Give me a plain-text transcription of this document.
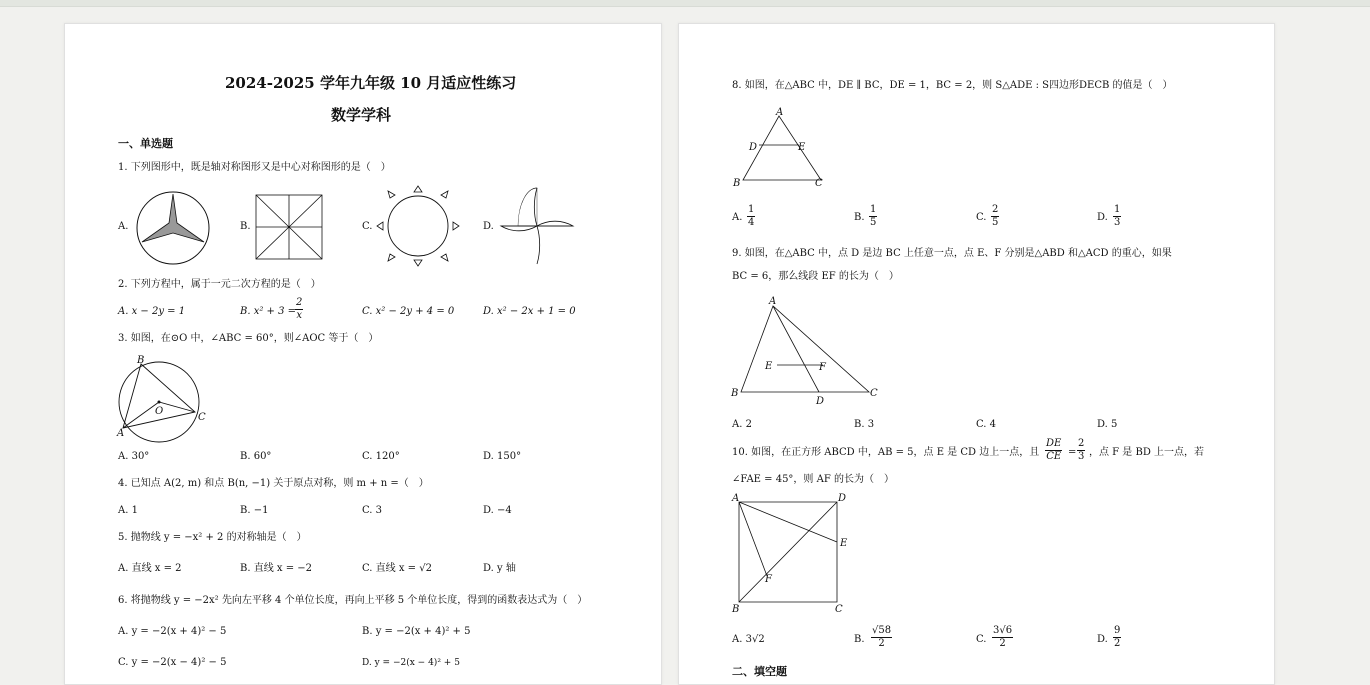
2024-2025 学年九年级 10 月适应性练习
数学学科
一、单选题
1. 下列图形中，既是轴对称图形又是中心对称图形的是（　）
A.	B.	C.	D.
2. 下列方程中，属于一元二次方程的是（　）
A. x − 2y = 1	B. x² + 3 =
$\frac{2}{x}$	C. x² − 2y + 4 = 0	D. x² − 2x + 1 = 0
3. 如图，在⊙O 中，∠ABC = 60°，则∠AOC 等于（　）
B
O
C
A
A. 30°	B. 60°	C. 120°	D. 150°
4. 已知点 A(2, m) 和点 B(n, −1) 关于原点对称，则 m + n =（　）
A. 1	B. −1	C. 3	D. −4
5. 抛物线 y = −x² + 2 的对称轴是（　）
A. 直线 x = 2	B. 直线 x = −2	C. 直线 x = √2	D. y 轴
6. 将抛物线 y = −2x² 先向左平移 4 个单位长度，再向上平移 5 个单位长度，得到的函数表达式为（　）
A. y = −2(x + 4)² − 5	B. y = −2(x + 4)² + 5
C. y = −2(x − 4)² − 5	D. y = −2(x − 4)² + 5
8. 如图，在△ABC 中，DE ∥ BC，DE = 1，BC = 2，则 S△ADE : S四边形DECB 的值是（　）
A
D	E
B	C
A. $\frac{1}{4}$	B. $\frac{1}{5}$	C. $\frac{2}{5}$	D. $\frac{1}{3}$
9. 如图，在△ABC 中，点 D 是边 BC 上任意一点，点 E、F 分别是△ABD 和△ACD 的重心，如果
BC = 6，那么线段 EF 的长为（　）
A
E	F
B
D
C
A. 2	B. 3	C. 4	D. 5
10. 如图，在正方形 ABCD 中，AB = 5，点 E 是 CD 边上一点，且 $\frac{DE}{CE} = \frac{2}{3}$ ，点 F 是 BD 上一点，若
∠FAE = 45°，则 AF 的长为（　）
A	D
E
F
B	C
A. 3√2	B. $\frac{√58}{2}$	C. $\frac{3√6}{2}$	D. $\frac{9}{2}$
二、填空题
